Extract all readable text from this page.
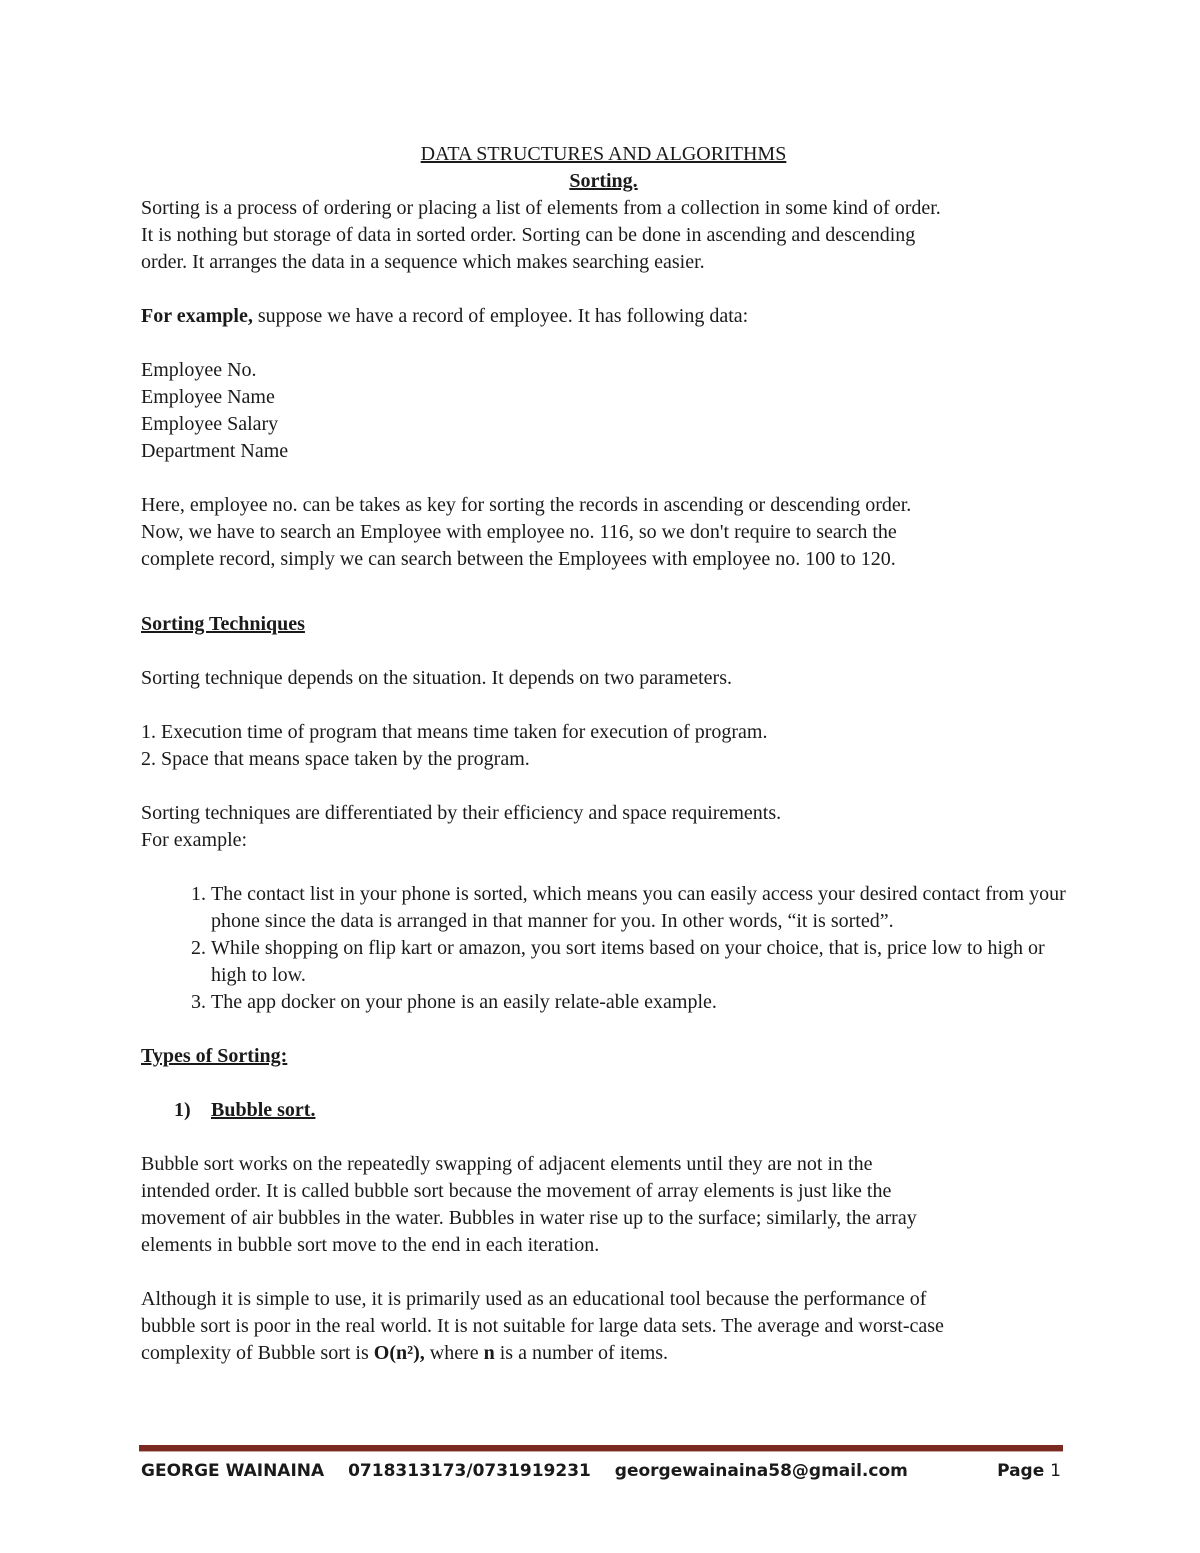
DATA STRUCTURES AND ALGORITHMS

Sorting.

Sorting is a process of ordering or placing a list of elements from a collection in some kind of order.

It is nothing but storage of data in sorted order. Sorting can be done in ascending and descending

order. It arranges the data in a sequence which makes searching easier.

For example, suppose we have a record of employee. It has following data:

Employee No.

Employee Name

Employee Salary

Department Name

Here, employee no. can be takes as key for sorting the records in ascending or descending order.

Now, we have to search an Employee with employee no. 116, so we don't require to search the

complete record, simply we can search between the Employees with employee no. 100 to 120.

Sorting Techniques

Sorting technique depends on the situation. It depends on two parameters.

1. Execution time of program that means time taken for execution of program.

2. Space that means space taken by the program.

Sorting techniques are differentiated by their efficiency and space requirements.

For example:

1. The contact list in your phone is sorted, which means you can easily access your desired contact from your phone since the data is arranged in that manner for you. In other words, “it is sorted”.
2. While shopping on flip kart or amazon, you sort items based on your choice, that is, price low to high or high to low.
3. The app docker on your phone is an easily relate-able example.

Types of Sorting:

1)	Bubble sort.

Bubble sort works on the repeatedly swapping of adjacent elements until they are not in the

intended order. It is called bubble sort because the movement of array elements is just like the

movement of air bubbles in the water. Bubbles in water rise up to the surface; similarly, the array

elements in bubble sort move to the end in each iteration.

Although it is simple to use, it is primarily used as an educational tool because the performance of

bubble sort is poor in the real world. It is not suitable for large data sets. The average and worst-case

complexity of Bubble sort is O(n²), where n is a number of items.

GEORGE WAINAINA 0718313173/0731919231 georgewainaina58@gmail.com	Page 1
